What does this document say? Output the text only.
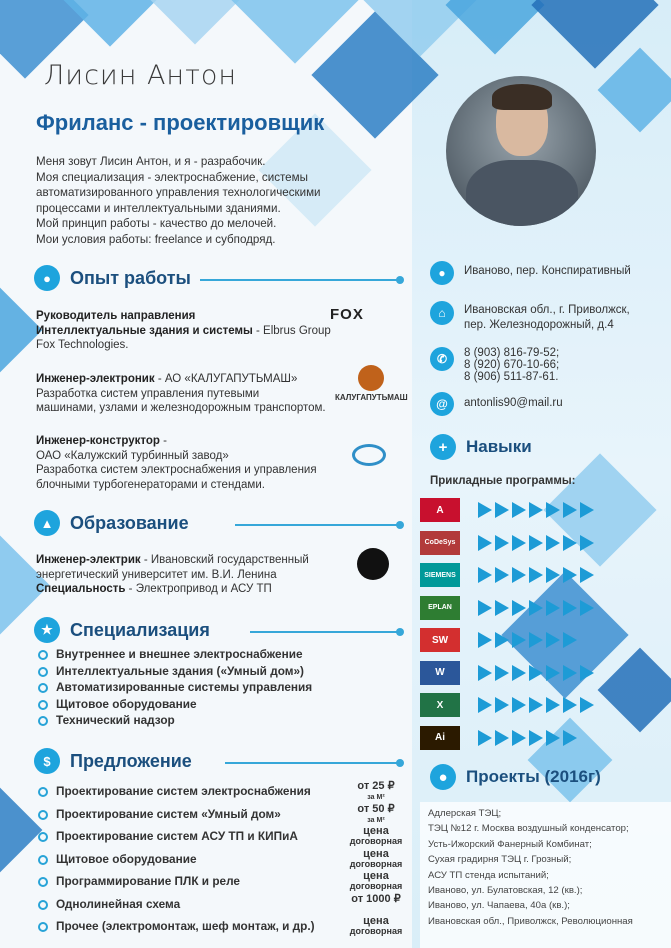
Лисин Антон
Фриланс - проектировщик
Меня зовут Лисин Антон, и я - разрабочик.
Моя специализация - электроснабжение, системы
автоматизированного управления технологическими
процессами и интеллектуальными зданиями.
Мой принцип работы - качество до мелочей.
Мои условия работы: freelance и субподряд.
●	Опыт работы
Руководитель направления
Интеллектуальные здания и системы - Elbrus Group
Fox Technologies.
FOX
Инженер-электроник - АО «КАЛУГАПУТЬМАШ»
Разработка систем управления путевыми
машинами, узлами и железнодорожным транспортом.
КАЛУГАПУТЬМАШ
Инженер-конструктор -
ОАО «Калужский турбинный завод»
Разработка систем электроснабжения и управления
блочными турбогенераторами и стендами.
▲ Образование
Инженер-электрик - Ивановский государственный
энергетический университет им. В.И. Ленина
Специальность - Электропривод и АСУ ТП
★ Специализация
Внутреннее и внешнее электроснабжение
Интеллектуальные здания («Умный дом»)
Автоматизированные системы управления
Щитовое оборудование
Технический надзор
$	Предложение
Проектирование систем электроснабжения	от 25 ₽
за М²
Проектирование систем «Умный дом»	от 50 ₽
за М²
Проектирование систем АСУ ТП и КИПиА	цена
договорная
Щитовое оборудование	цена
договорная
Программирование ПЛК и реле	цена
договорная
Однолинейная схема	от 1000 ₽

Прочее (электромонтаж, шеф монтаж, и др.)	цена
договорная
●	Иваново, пер. Конспиративный
⌂	Ивановская обл., г. Приволжск,
пер. Железнодорожный, д.4
✆	8 (903) 816-79-52;
8 (920) 670-10-66;
8 (906) 511-87-61.
@	antonlis90@mail.ru
+	Навыки
Прикладные программы:
A
CoDeSys
SIEMENS
EPLAN
SW
W
X
Ai
●	Проекты (2016г)
Адлерская ТЭЦ;
ТЭЦ №12 г. Москва воздушный конденсатор;
Усть-Ижорский Фанерный Комбинат;
Сухая градирня ТЭЦ г. Грозный;
АСУ ТП стенда испытаний;
Иваново, ул. Булатовская, 12 (кв.);
Иваново, ул. Чапаева, 40а (кв.);
Ивановская обл., Приволжск, Революционная
